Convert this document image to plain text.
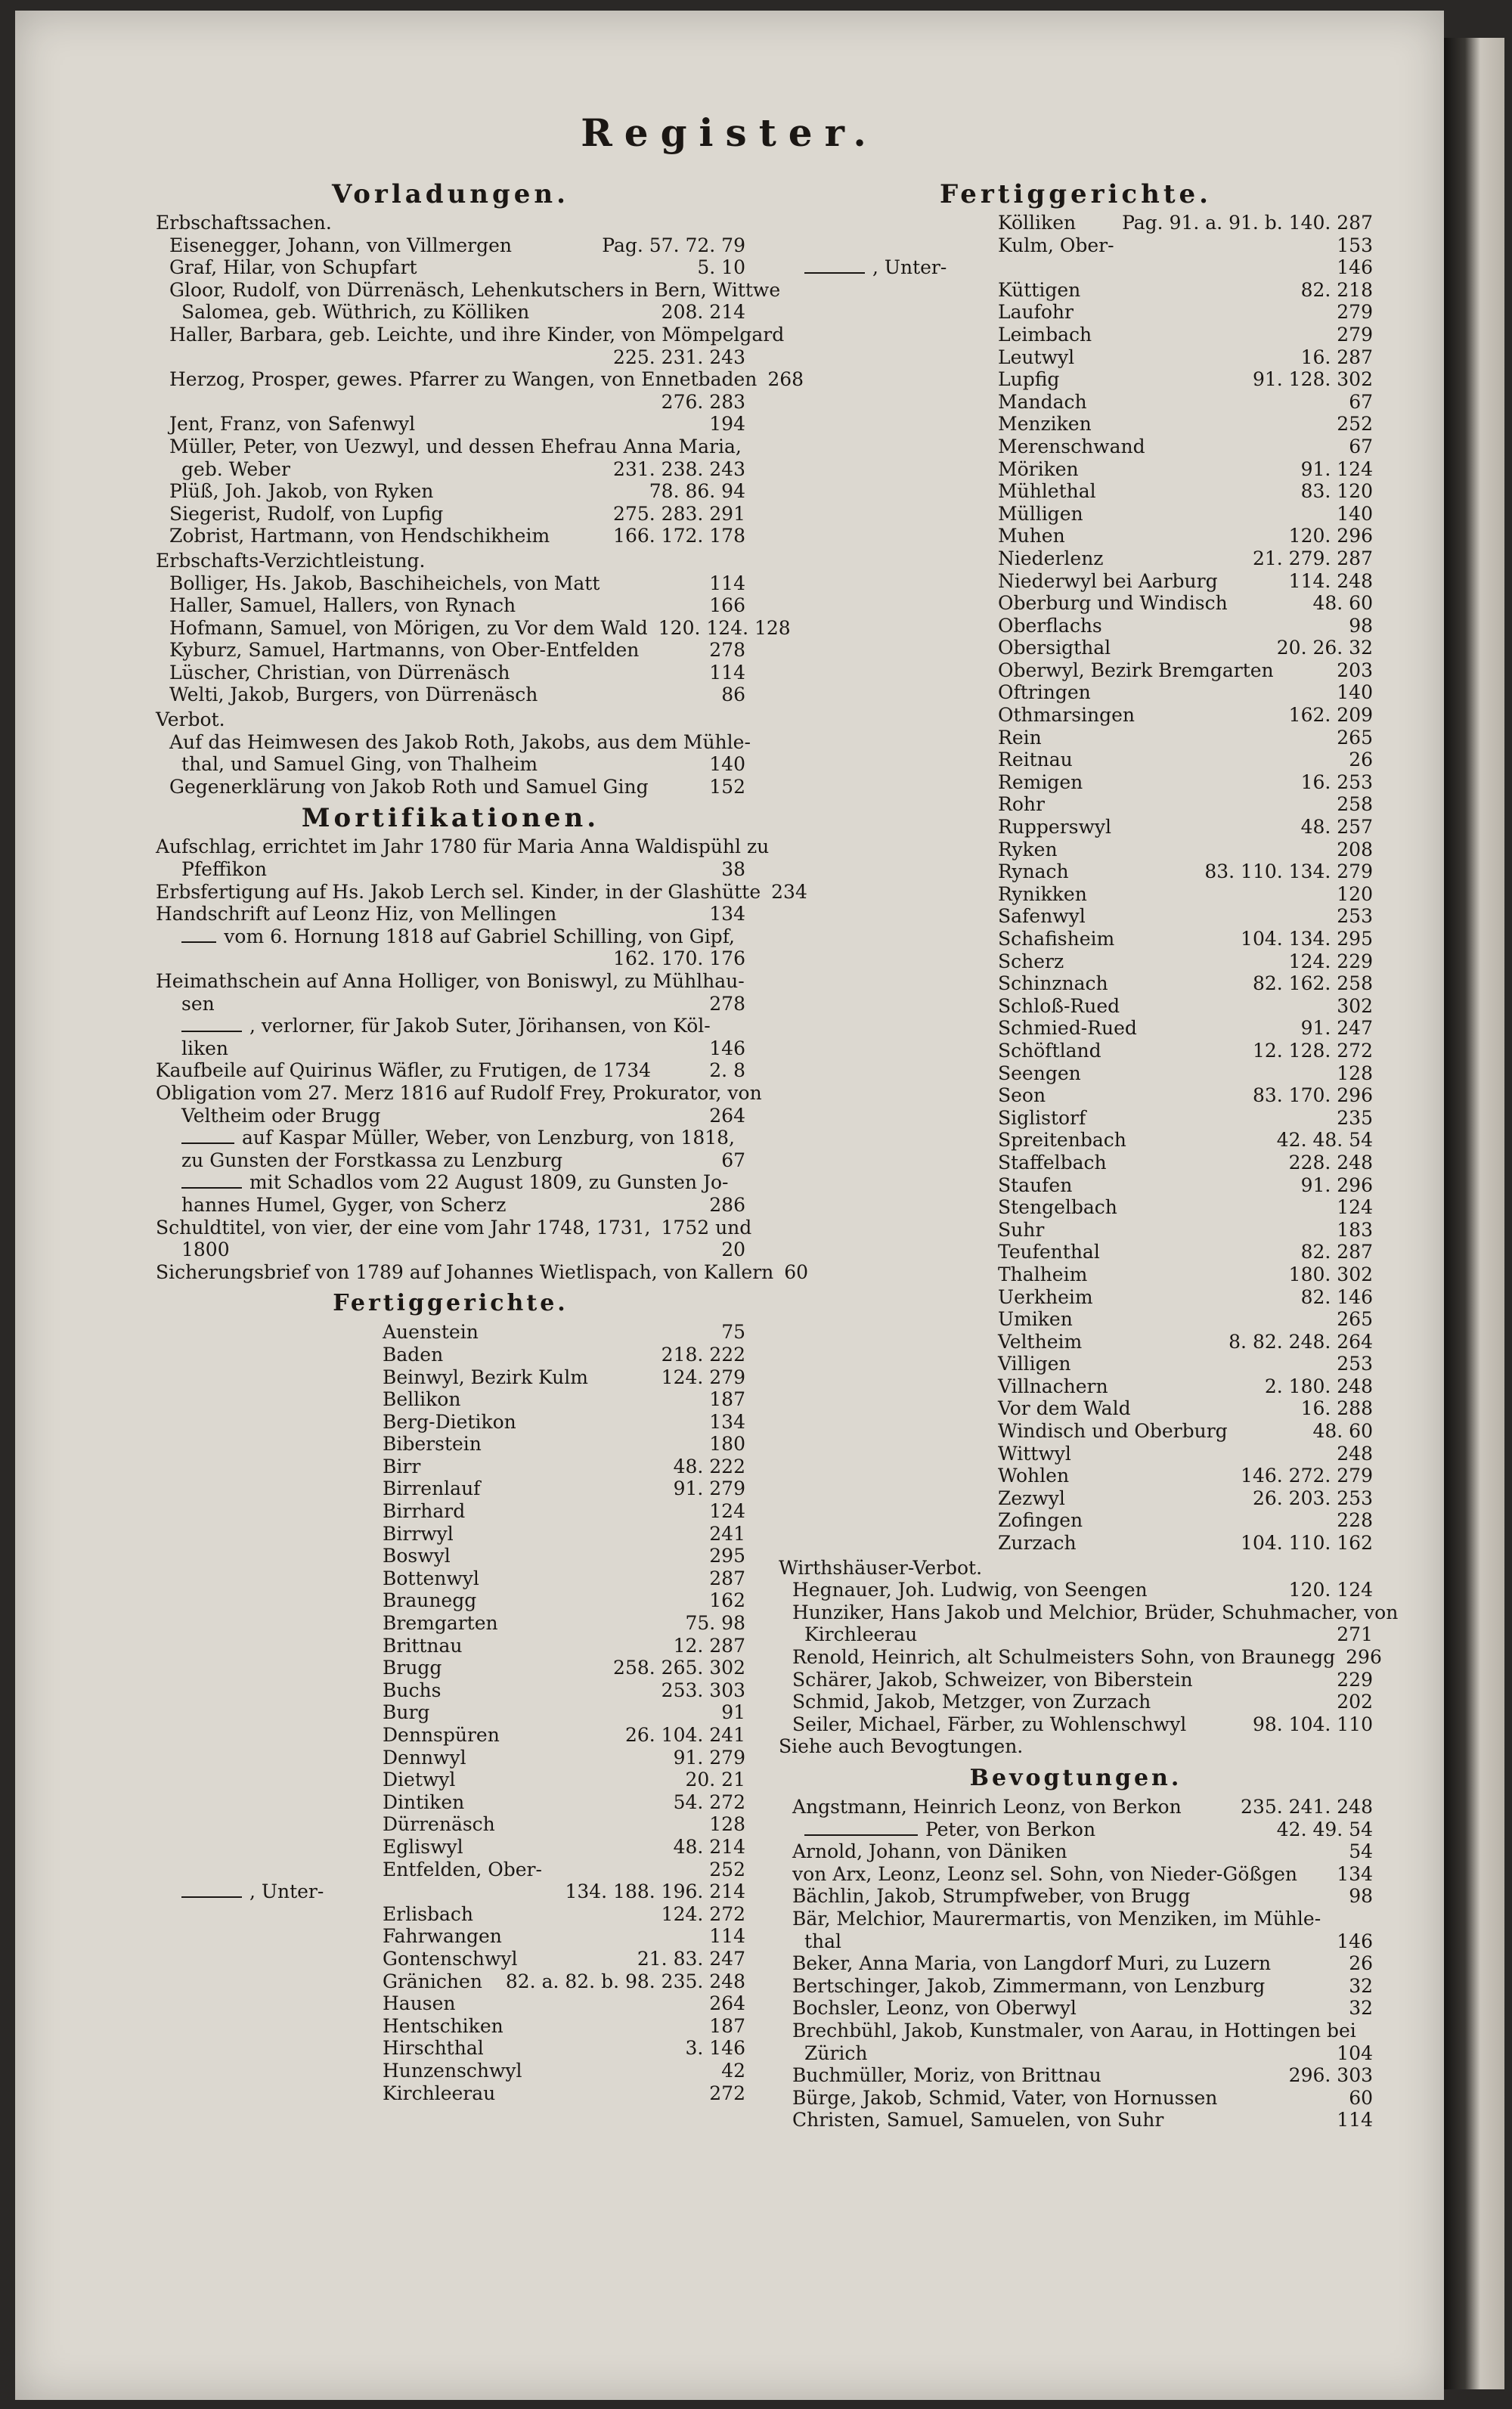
Register.
Vorladungen.
Erbschaftssachen.
Eisenegger, Johann, von Villmergen	Pag. 57. 72. 79
Graf, Hilar, von Schupfart	5. 10
Gloor, Rudolf, von Dürrenäsch, Lehenkutschers in Bern, Wittwe
Salomea, geb. Wüthrich, zu Kölliken	208. 214
Haller, Barbara, geb. Leichte, und ihre Kinder, von Mömpelgard
225. 231. 243
Herzog, Prosper, gewes. Pfarrer zu Wangen, von Ennetbaden 268
276. 283
Jent, Franz, von Safenwyl	194
Müller, Peter, von Uezwyl, und dessen Ehefrau Anna Maria,
geb. Weber	231. 238. 243
Plüß, Joh. Jakob, von Ryken	78. 86. 94
Siegerist, Rudolf, von Lupfig	275. 283. 291
Zobrist, Hartmann, von Hendschikheim	166. 172. 178
Erbschafts-Verzichtleistung.
Bolliger, Hs. Jakob, Baschiheichels, von Matt	114
Haller, Samuel, Hallers, von Rynach	166
Hofmann, Samuel, von Mörigen, zu Vor dem Wald 120. 124. 128
Kyburz, Samuel, Hartmanns, von Ober-Entfelden	278
Lüscher, Christian, von Dürrenäsch	114
Welti, Jakob, Burgers, von Dürrenäsch	86
Verbot.
Auf das Heimwesen des Jakob Roth, Jakobs, aus dem Mühle-
thal, und Samuel Ging, von Thalheim	140
Gegenerklärung von Jakob Roth und Samuel Ging	152
Mortifikationen.
Aufschlag, errichtet im Jahr 1780 für Maria Anna Waldispühl zu
Pfeffikon	38
Erbsfertigung auf Hs. Jakob Lerch sel. Kinder, in der Glashütte 234
Handschrift auf Leonz Hiz, von Mellingen	134
vom 6. Hornung 1818 auf Gabriel Schilling, von Gipf,
162. 170. 176
Heimathschein auf Anna Holliger, von Boniswyl, zu Mühlhau-
sen	278
, verlorner, für Jakob Suter, Jörihansen, von Köl-
liken	146
Kaufbeile auf Quirinus Wäfler, zu Frutigen, de 1734	2. 8
Obligation vom 27. Merz 1816 auf Rudolf Frey, Prokurator, von
Veltheim oder Brugg	264
auf Kaspar Müller, Weber, von Lenzburg, von 1818,
zu Gunsten der Forstkassa zu Lenzburg	67
mit Schadlos vom 22 August 1809, zu Gunsten Jo-
hannes Humel, Gyger, von Scherz	286
Schuldtitel, von vier, der eine vom Jahr 1748, 1731, 1752 und
1800	20
Sicherungsbrief von 1789 auf Johannes Wietlispach, von Kallern 60
Fertiggerichte.
Auenstein	75
Baden	218. 222
Beinwyl, Bezirk Kulm	124. 279
Bellikon	187
Berg-Dietikon	134
Biberstein	180
Birr	48. 222
Birrenlauf	91. 279
Birrhard	124
Birrwyl	241
Boswyl	295
Bottenwyl	287
Braunegg	162
Bremgarten	75. 98
Brittnau	12. 287
Brugg	258. 265. 302
Buchs	253. 303
Burg	91
Dennspüren	26. 104. 241
Dennwyl	91. 279
Dietwyl	20. 21
Dintiken	54. 272
Dürrenäsch	128
Egliswyl	48. 214
Entfelden, Ober-	252
, Unter-	134. 188. 196. 214
Erlisbach	124. 272
Fahrwangen	114
Gontenschwyl	21. 83. 247
Gränichen	82. a. 82. b. 98. 235. 248
Hausen	264
Hentschiken	187
Hirschthal	3. 146
Hunzenschwyl	42
Kirchleerau	272
Fertiggerichte.
Kölliken	Pag. 91. a. 91. b. 140. 287
Kulm, Ober-	153
, Unter-	146
Küttigen	82. 218
Laufohr	279
Leimbach	279
Leutwyl	16. 287
Lupfig	91. 128. 302
Mandach	67
Menziken	252
Merenschwand	67
Möriken	91. 124
Mühlethal	83. 120
Mülligen	140
Muhen	120. 296
Niederlenz	21. 279. 287
Niederwyl bei Aarburg	114. 248
Oberburg und Windisch	48. 60
Oberflachs	98
Obersigthal	20. 26. 32
Oberwyl, Bezirk Bremgarten	203
Oftringen	140
Othmarsingen	162. 209
Rein	265
Reitnau	26
Remigen	16. 253
Rohr	258
Rupperswyl	48. 257
Ryken	208
Rynach	83. 110. 134. 279
Rynikken	120
Safenwyl	253
Schafisheim	104. 134. 295
Scherz	124. 229
Schinznach	82. 162. 258
Schloß-Rued	302
Schmied-Rued	91. 247
Schöftland	12. 128. 272
Seengen	128
Seon	83. 170. 296
Siglistorf	235
Spreitenbach	42. 48. 54
Staffelbach	228. 248
Staufen	91. 296
Stengelbach	124
Suhr	183
Teufenthal	82. 287
Thalheim	180. 302
Uerkheim	82. 146
Umiken	265
Veltheim	8. 82. 248. 264
Villigen	253
Villnachern	2. 180. 248
Vor dem Wald	16. 288
Windisch und Oberburg	48. 60
Wittwyl	248
Wohlen	146. 272. 279
Zezwyl	26. 203. 253
Zofingen	228
Zurzach	104. 110. 162
Wirthshäuser-Verbot.
Hegnauer, Joh. Ludwig, von Seengen	120. 124
Hunziker, Hans Jakob und Melchior, Brüder, Schuhmacher, von
Kirchleerau	271
Renold, Heinrich, alt Schulmeisters Sohn, von Braunegg 296
Schärer, Jakob, Schweizer, von Biberstein	229
Schmid, Jakob, Metzger, von Zurzach	202
Seiler, Michael, Färber, zu Wohlenschwyl	98. 104. 110
Siehe auch Bevogtungen.
Bevogtungen.
Angstmann, Heinrich Leonz, von Berkon	235. 241. 248
Peter, von Berkon	42. 49. 54
Arnold, Johann, von Däniken	54
von Arx, Leonz, Leonz sel. Sohn, von Nieder-Gößgen	134
Bächlin, Jakob, Strumpfweber, von Brugg	98
Bär, Melchior, Maurermartis, von Menziken, im Mühle-
thal	146
Beker, Anna Maria, von Langdorf Muri, zu Luzern	26
Bertschinger, Jakob, Zimmermann, von Lenzburg	32
Bochsler, Leonz, von Oberwyl	32
Brechbühl, Jakob, Kunstmaler, von Aarau, in Hottingen bei
Zürich	104
Buchmüller, Moriz, von Brittnau	296. 303
Bürge, Jakob, Schmid, Vater, von Hornussen	60
Christen, Samuel, Samuelen, von Suhr	114
